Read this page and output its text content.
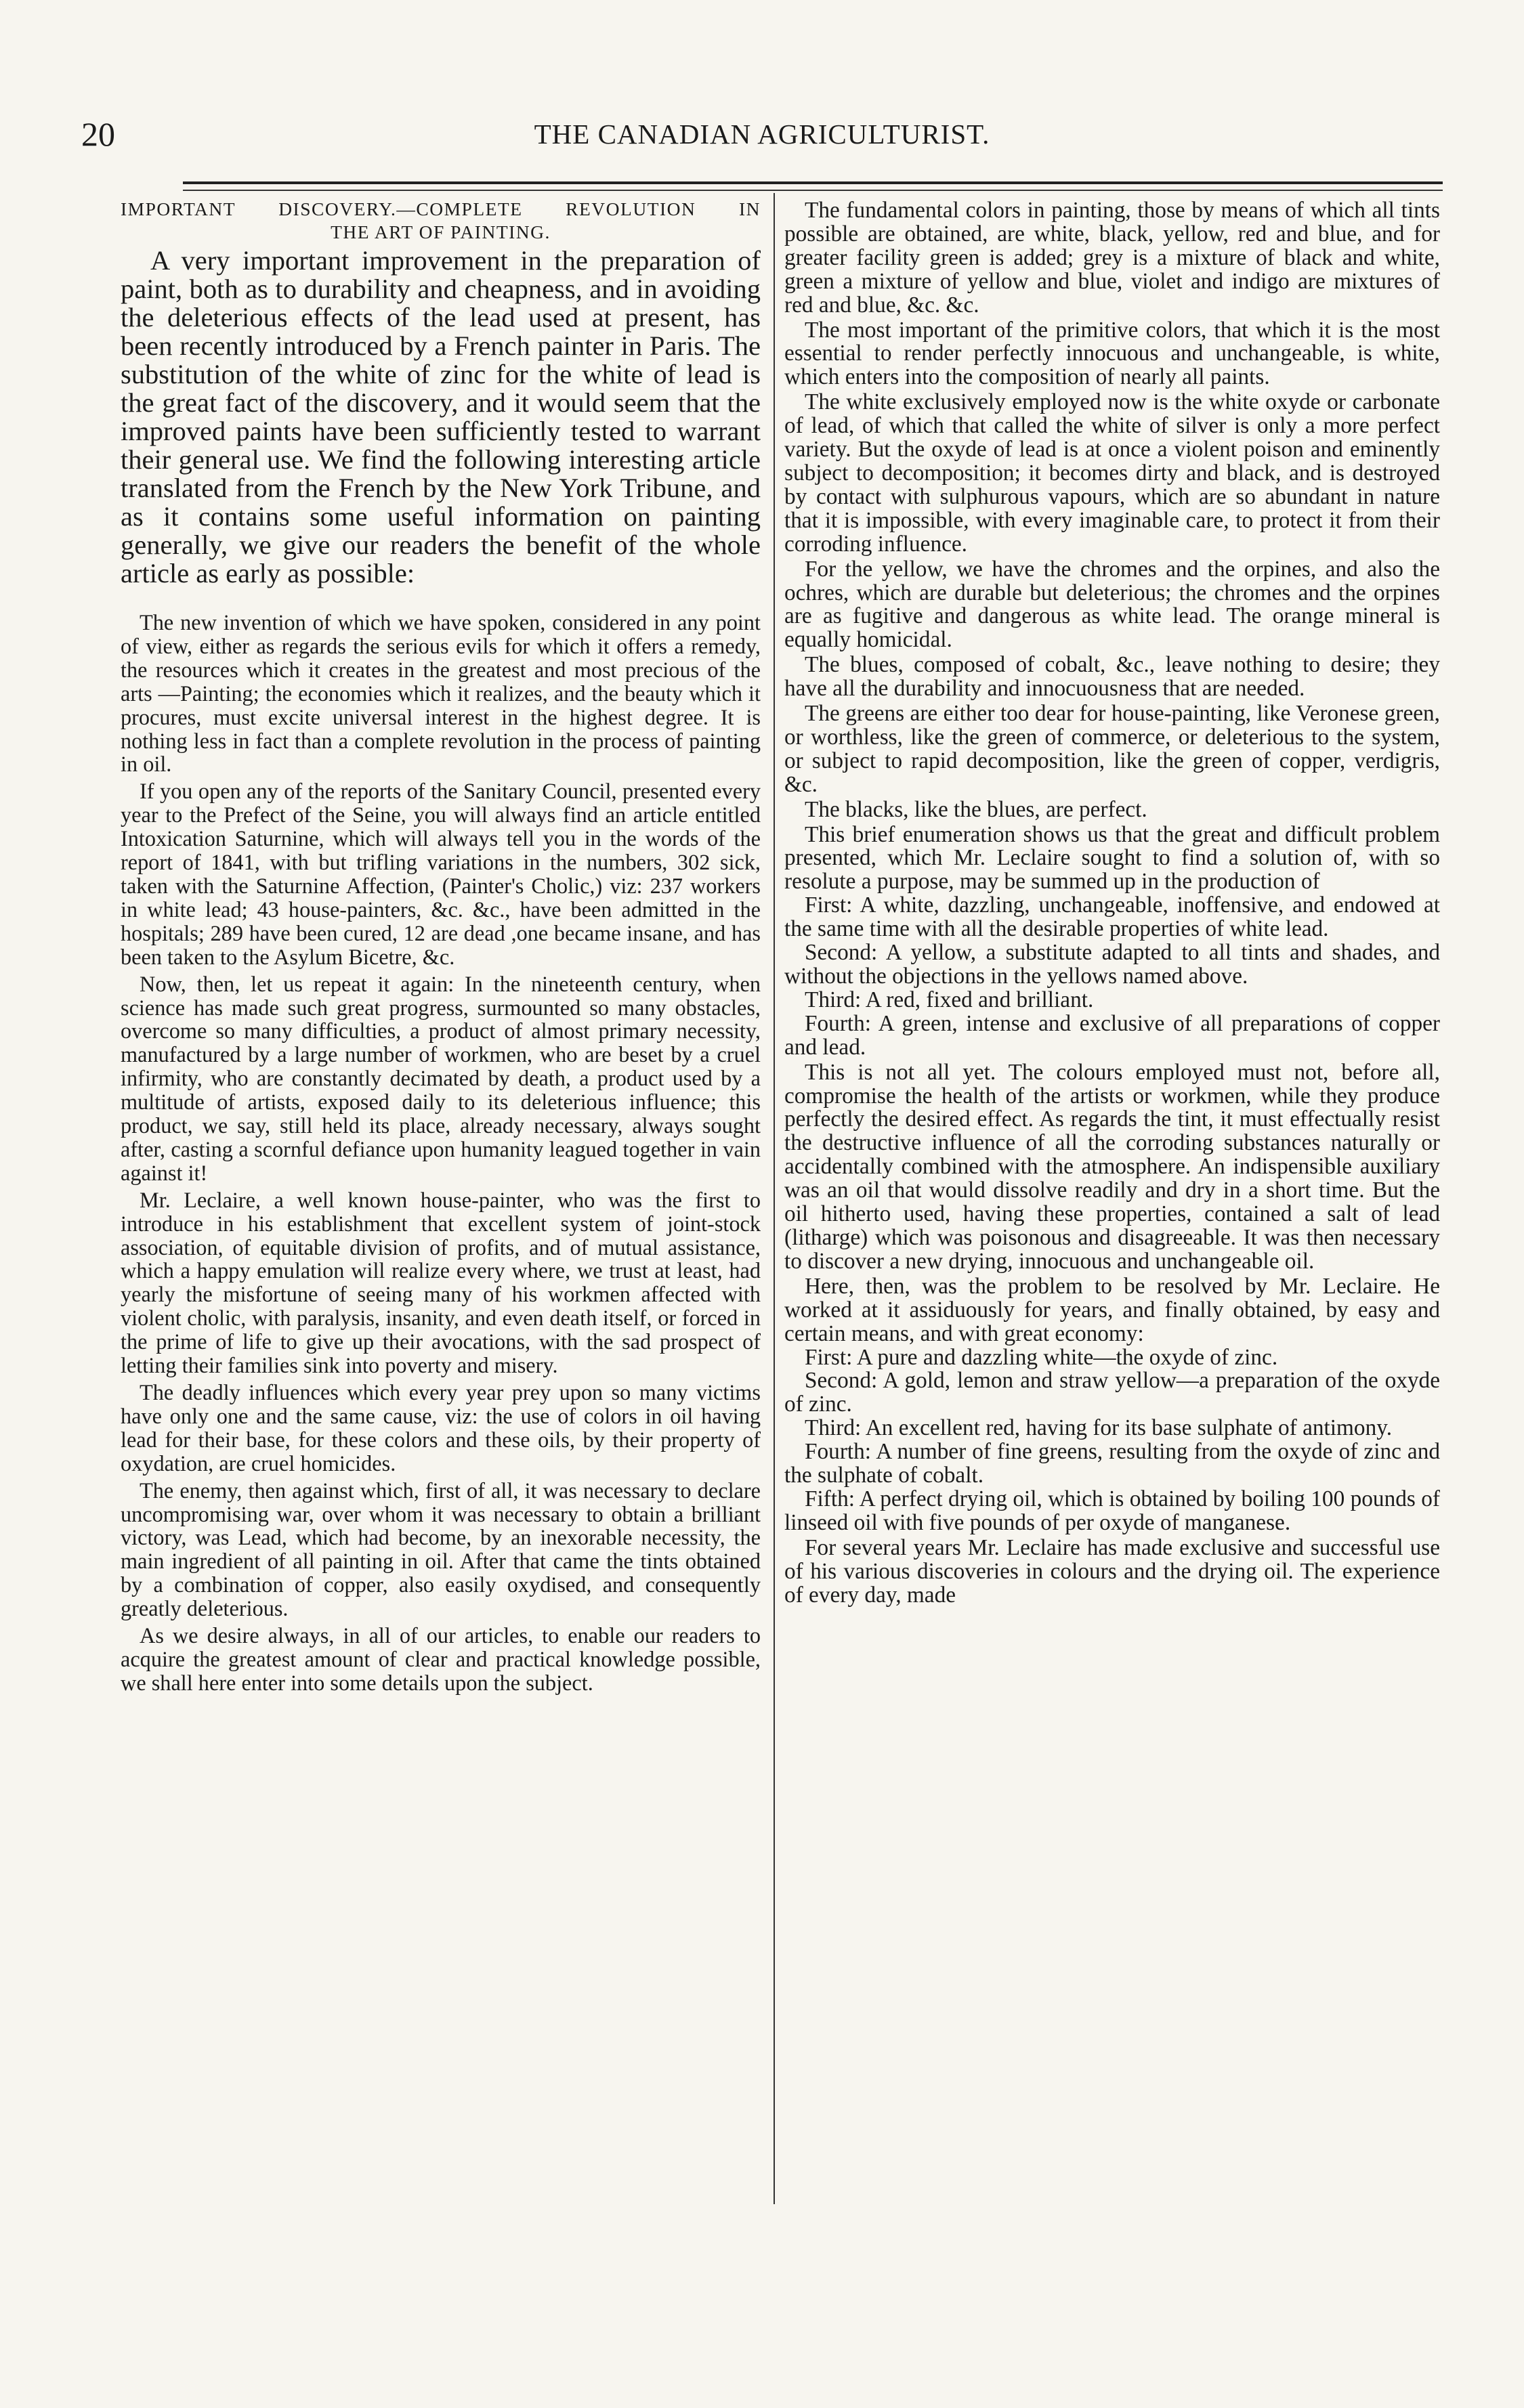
20	THE CANADIAN AGRICULTURIST.
IMPORTANT DISCOVERY.—COMPLETE REVOLUTION IN
THE ART OF PAINTING.

A very important improvement in the preparation of paint, both as to durability and cheapness, and in avoiding the deleterious effects of the lead used at present, has been recently introduced by a French painter in Paris. The substitution of the white of zinc for the white of lead is the great fact of the discovery, and it would seem that the improved paints have been sufficiently tested to warrant their general use. We find the following interesting article translated from the French by the New York Tribune, and as it contains some useful information on painting generally, we give our readers the benefit of the whole article as early as possible:

The new invention of which we have spoken, considered in any point of view, either as regards the serious evils for which it offers a remedy, the resources which it creates in the greatest and most precious of the arts —Painting; the economies which it realizes, and the beauty which it procures, must excite universal interest in the highest degree. It is nothing less in fact than a complete revolution in the process of painting in oil.

If you open any of the reports of the Sanitary Council, presented every year to the Prefect of the Seine, you will always find an article entitled Intoxication Saturnine, which will always tell you in the words of the report of 1841, with but trifling variations in the numbers, 302 sick, taken with the Saturnine Affection, (Painter's Cholic,) viz: 237 workers in white lead; 43 house-painters, &c. &c., have been admitted in the hospitals; 289 have been cured, 12 are dead ,one became insane, and has been taken to the Asylum Bicetre, &c.

Now, then, let us repeat it again: In the nineteenth century, when science has made such great progress, surmounted so many obstacles, overcome so many difficulties, a product of almost primary necessity, manufactured by a large number of workmen, who are beset by a cruel infirmity, who are constantly decimated by death, a product used by a multitude of artists, exposed daily to its deleterious influence; this product, we say, still held its place, already necessary, always sought after, casting a scornful defiance upon humanity leagued together in vain against it!

Mr. Leclaire, a well known house-painter, who was the first to introduce in his establishment that excellent system of joint-stock association, of equitable division of profits, and of mutual assistance, which a happy emulation will realize every where, we trust at least, had yearly the misfortune of seeing many of his workmen affected with violent cholic, with paralysis, insanity, and even death itself, or forced in the prime of life to give up their avocations, with the sad prospect of letting their families sink into poverty and misery.

The deadly influences which every year prey upon so many victims have only one and the same cause, viz: the use of colors in oil having lead for their base, for these colors and these oils, by their property of oxydation, are cruel homicides.

The enemy, then against which, first of all, it was necessary to declare uncompromising war, over whom it was necessary to obtain a brilliant victory, was Lead, which had become, by an inexorable necessity, the main ingredient of all painting in oil. After that came the tints obtained by a combination of copper, also easily oxydised, and consequently greatly deleterious.

As we desire always, in all of our articles, to enable our readers to acquire the greatest amount of clear and practical knowledge possible, we shall here enter into some details upon the subject.

The fundamental colors in painting, those by means of which all tints possible are obtained, are white, black, yellow, red and blue, and for greater facility green is added; grey is a mixture of black and white, green a mixture of yellow and blue, violet and indigo are mixtures of red and blue, &c. &c.

The most important of the primitive colors, that which it is the most essential to render perfectly innocuous and unchangeable, is white, which enters into the composition of nearly all paints.

The white exclusively employed now is the white oxyde or carbonate of lead, of which that called the white of silver is only a more perfect variety. But the oxyde of lead is at once a violent poison and eminently subject to decomposition; it becomes dirty and black, and is destroyed by contact with sulphurous vapours, which are so abundant in nature that it is impossible, with every imaginable care, to protect it from their corroding influence.

For the yellow, we have the chromes and the orpines, and also the ochres, which are durable but deleterious; the chromes and the orpines are as fugitive and dangerous as white lead. The orange mineral is equally homicidal.

The blues, composed of cobalt, &c., leave nothing to desire; they have all the durability and innocuousness that are needed.

The greens are either too dear for house-painting, like Veronese green, or worthless, like the green of commerce, or deleterious to the system, or subject to rapid decomposition, like the green of copper, verdigris, &c.

The blacks, like the blues, are perfect.

This brief enumeration shows us that the great and difficult problem presented, which Mr. Leclaire sought to find a solution of, with so resolute a purpose, may be summed up in the production of

First: A white, dazzling, unchangeable, inoffensive, and endowed at the same time with all the desirable properties of white lead.

Second: A yellow, a substitute adapted to all tints and shades, and without the objections in the yellows named above.

Third: A red, fixed and brilliant.

Fourth: A green, intense and exclusive of all preparations of copper and lead.

This is not all yet. The colours employed must not, before all, compromise the health of the artists or workmen, while they produce perfectly the desired effect. As regards the tint, it must effectually resist the destructive influence of all the corroding substances naturally or accidentally combined with the atmosphere. An indispensible auxiliary was an oil that would dissolve readily and dry in a short time. But the oil hitherto used, having these properties, contained a salt of lead (litharge) which was poisonous and disagreeable. It was then necessary to discover a new drying, innocuous and unchangeable oil.

Here, then, was the problem to be resolved by Mr. Leclaire. He worked at it assiduously for years, and finally obtained, by easy and certain means, and with great economy:

First: A pure and dazzling white—the oxyde of zinc.

Second: A gold, lemon and straw yellow—a preparation of the oxyde of zinc.

Third: An excellent red, having for its base sulphate of antimony.

Fourth: A number of fine greens, resulting from the oxyde of zinc and the sulphate of cobalt.

Fifth: A perfect drying oil, which is obtained by boiling 100 pounds of linseed oil with five pounds of per oxyde of manganese.

For several years Mr. Leclaire has made exclusive and successful use of his various discoveries in colours and the drying oil. The experience of every day, made
